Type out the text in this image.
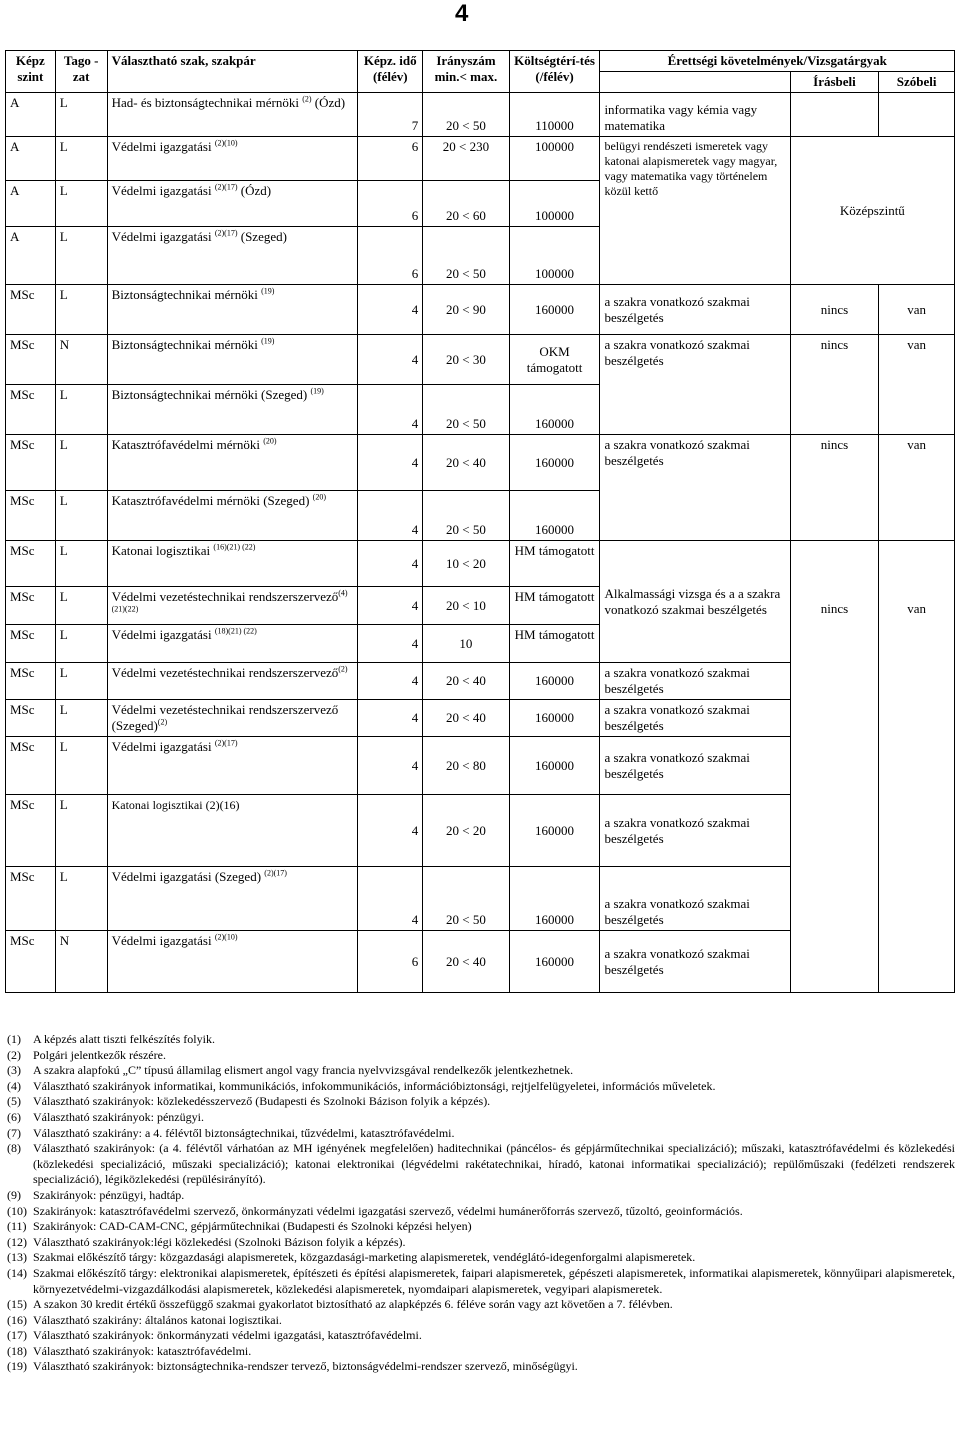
4
Képz szint	Tago -zat	Választható szak, szakpár	Képz. idő (félév)	Irányszám min.< max.	Költségtérí-tés (/félév)	Érettségi követelmények/Vizsgatárgyak		
							Írásbeli	Szóbeli
A	L	Had- és biztonságtechnikai mérnöki $^{(2)}$ (Ózd)	7	20 < 50	110000	informatika vagy kémia vagy matematika		
A	L	Védelmi igazgatási $^{(2)(10)}$	6	20 < 230	100000	belügyi rendészeti ismeretek vagy katonai alapismeretek vagy magyar, vagy matematika vagy történelem közül kettő	Középszintű	
A	L	Védelmi igazgatási $^{(2)(17)}$ (Ózd)	6	20 < 60	100000			
A	L	Védelmi igazgatási $^{(2)(17)}$ (Szeged)	6	20 < 50	100000			
MSc	L	Biztonságtechnikai mérnöki $^{(19)}$	4	20 < 90	160000	a szakra vonatkozó szakmai beszélgetés	nincs	van
MSc	N	Biztonságtechnikai mérnöki $^{(19)}$	4	20 < 30	OKM támogatott	a szakra vonatkozó szakmai beszélgetés	nincs	van
MSc	L	Biztonságtechnikai mérnöki (Szeged) $^{(19)}$	4	20 < 50	160000			
MSc	L	Katasztrófavédelmi mérnöki $^{(20)}$	4	20 < 40	160000	a szakra vonatkozó szakmai beszélgetés	nincs	van
MSc	L	Katasztrófavédelmi mérnöki (Szeged) $^{(20)}$	4	20 < 50	160000			
MSc	L	Katonai logisztikai $^{(16)(21) (22)}$	4	10 < 20	HM támogatott	Alkalmassági vizsga és a a szakra vonatkozó szakmai beszélgetés	nincs	van
MSc	L	Védelmi vezetéstechnikai rendszerszervező$^{(4)(21)(22)}$	4	20 < 10	HM támogatott			
MSc	L	Védelmi igazgatási $^{(18)(21) (22)}$	4	10	HM támogatott			
MSc	L	Védelmi vezetéstechnikai rendszerszervező$^{(2)}$	4	20 < 40	160000	a szakra vonatkozó szakmai beszélgetés		
MSc	L	Védelmi vezetéstechnikai rendszerszervező (Szeged)$^{(2)}$	4	20 < 40	160000	a szakra vonatkozó szakmai beszélgetés		
MSc	L	Védelmi igazgatási $^{(2)(17)}$	4	20 < 80	160000	a szakra vonatkozó szakmai beszélgetés		
MSc	L	Katonai logisztikai (2)(16)	4	20 < 20	160000	a szakra vonatkozó szakmai beszélgetés		
MSc	L	Védelmi igazgatási (Szeged) $^{(2)(17)}$	4	20 < 50	160000	a szakra vonatkozó szakmai beszélgetés		
MSc	N	Védelmi igazgatási $^{(2)(10)}$	6	20 < 40	160000	a szakra vonatkozó szakmai beszélgetés		
(1)	A képzés alatt tiszti felkészítés folyik.
(2)	Polgári jelentkezők részére.
(3)	A szakra alapfokú „C” típusú államilag elismert angol vagy francia nyelvvizsgával rendelkezők jelentkezhetnek.
(4)	Választható szakirányok informatikai, kommunikációs, infokommunikációs, információbiztonsági, rejtjelfelügyeletei, információs műveletek.
(5)	Választható szakirányok: közlekedésszervező (Budapesti és Szolnoki Bázison folyik a képzés).
(6)	Választható szakirányok: pénzügyi.
(7)	Választható szakirány: a 4. félévtől biztonságtechnikai, tűzvédelmi, katasztrófavédelmi.
(8)	Választható szakirányok: (a 4. félévtől várhatóan az MH igényének megfelelően) haditechnikai (páncélos- és gépjárműtechnikai specializáció); műszaki, katasztrófavédelmi és közlekedési (közlekedési specializáció, műszaki specializáció); katonai elektronikai (légvédelmi rakétatechnikai, híradó, katonai informatikai specializáció); repülőműszaki (fedélzeti rendszerek specializáció), légiközlekedési (repülésirányító).
(9)	Szakirányok: pénzügyi, hadtáp.
(10) Szakirányok: katasztrófavédelmi szervező, önkormányzati védelmi igazgatási szervező, védelmi humánerőforrás szervező, tűzoltó, geoinformációs.
(11) Szakirányok: CAD-CAM-CNC, gépjárműtechnikai (Budapesti és Szolnoki képzési helyen)
(12) Választható szakirányok:légi közlekedési (Szolnoki Bázison folyik a képzés).
(13) Szakmai előkészítő tárgy: közgazdasági alapismeretek, közgazdasági-marketing alapismeretek, vendéglátó-idegenforgalmi alapismeretek.
(14) Szakmai előkészítő tárgy: elektronikai alapismeretek, építészeti és építési alapismeretek, faipari alapismeretek, gépészeti alapismeretek, informatikai alapismeretek, könnyűipari alapismeretek, környezetvédelmi-vizgazdálkodási alapismeretek, közlekedési alapismeretek, nyomdaipari alapismeretek, vegyipari alapismeretek.
(15) A szakon 30 kredit értékű összefüggő szakmai gyakorlatot biztosítható az alapképzés 6. féléve során vagy azt követően a 7. félévben.
(16) Választható szakirány: általános katonai logisztikai.
(17) Választható szakirányok: önkormányzati védelmi igazgatási, katasztrófavédelmi.
(18) Választható szakirányok: katasztrófavédelmi.
(19) Választható szakirányok: biztonságtechnika-rendszer tervező, biztonságvédelmi-rendszer szervező, minőségügyi.
